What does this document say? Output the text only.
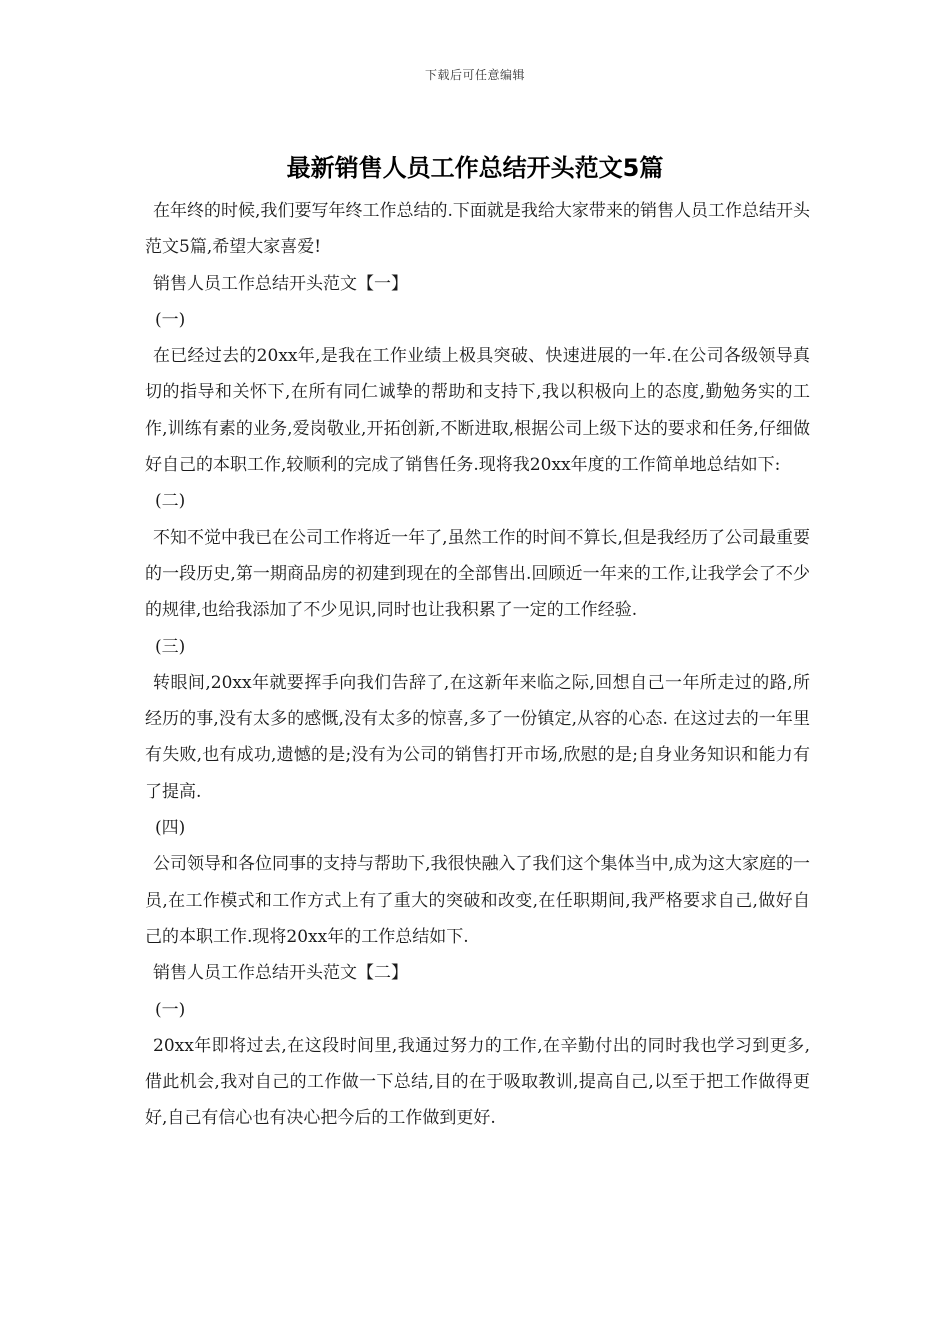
下载后可任意编辑
最新销售人员工作总结开头范文5篇

在年终的时候,我们要写年终工作总结的.下面就是我给大家带来的销售人员工作总结开头范文5篇,希望大家喜爱!

销售人员工作总结开头范文【一】

(一)

在已经过去的20xx年,是我在工作业绩上极具突破、快速进展的一年.在公司各级领导真切的指导和关怀下,在所有同仁诚挚的帮助和支持下,我以积极向上的态度,勤勉务实的工作,训练有素的业务,爱岗敬业,开拓创新,不断进取,根据公司上级下达的要求和任务,仔细做好自己的本职工作,较顺利的完成了销售任务.现将我20xx年度的工作简单地总结如下:

(二)

不知不觉中我已在公司工作将近一年了,虽然工作的时间不算长,但是我经历了公司最重要的一段历史,第一期商品房的初建到现在的全部售出.回顾近一年来的工作,让我学会了不少的规律,也给我添加了不少见识,同时也让我积累了一定的工作经验.

(三)

转眼间,20xx年就要挥手向我们告辞了,在这新年来临之际,回想自己一年所走过的路,所经历的事,没有太多的感慨,没有太多的惊喜,多了一份镇定,从容的心态. 在这过去的一年里有失败,也有成功,遗憾的是;没有为公司的销售打开市场,欣慰的是;自身业务知识和能力有了提高.

(四)

公司领导和各位同事的支持与帮助下,我很快融入了我们这个集体当中,成为这大家庭的一员,在工作模式和工作方式上有了重大的突破和改变,在任职期间,我严格要求自己,做好自己的本职工作.现将20xx年的工作总结如下.

销售人员工作总结开头范文【二】

(一)

20xx年即将过去,在这段时间里,我通过努力的工作,在辛勤付出的同时我也学习到更多,借此机会,我对自己的工作做一下总结,目的在于吸取教训,提高自己,以至于把工作做得更好,自己有信心也有决心把今后的工作做到更好.
